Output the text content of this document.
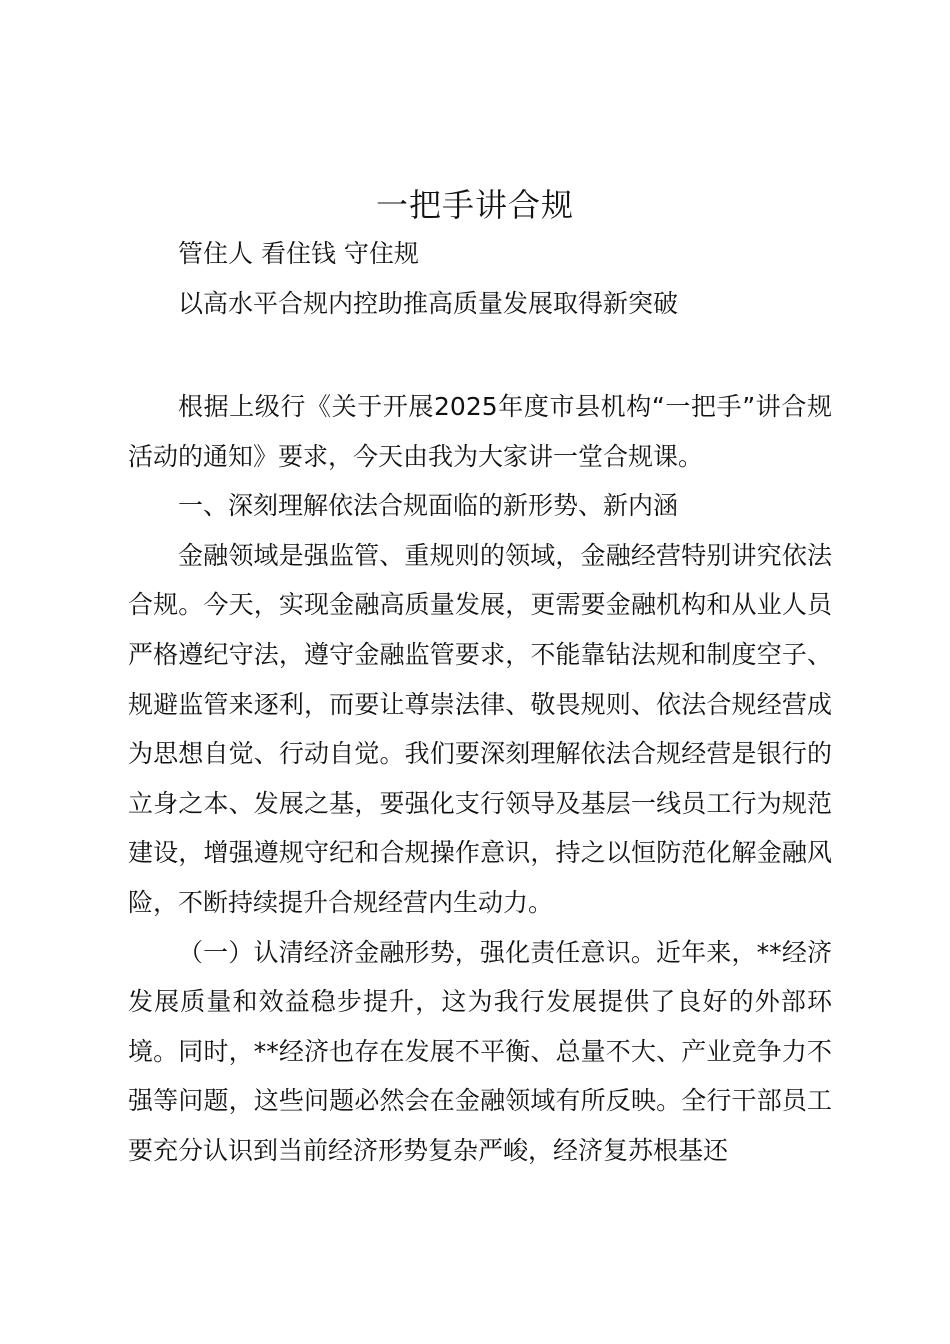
一把手讲合规
管住人 看住钱 守住规
以高水平合规内控助推高质量发展取得新突破

根据上级行《关于开展2025年度市县机构“一把手”讲合规活动的通知》要求，今天由我为大家讲一堂合规课。

一、深刻理解依法合规面临的新形势、新内涵

金融领域是强监管、重规则的领域，金融经营特别讲究依法合规。今天，实现金融高质量发展，更需要金融机构和从业人员严格遵纪守法，遵守金融监管要求，不能靠钻法规和制度空子、规避监管来逐利，而要让尊崇法律、敬畏规则、依法合规经营成为思想自觉、行动自觉。我们要深刻理解依法合规经营是银行的立身之本、发展之基，要强化支行领导及基层一线员工行为规范建设，增强遵规守纪和合规操作意识，持之以恒防范化解金融风险，不断持续提升合规经营内生动力。

（一）认清经济金融形势，强化责任意识。近年来，**经济发展质量和效益稳步提升，这为我行发展提供了良好的外部环境。同时，**经济也存在发展不平衡、总量不大、产业竞争力不强等问题，这些问题必然会在金融领域有所反映。全行干部员工要充分认识到当前经济形势复杂严峻，经济复苏根基还
